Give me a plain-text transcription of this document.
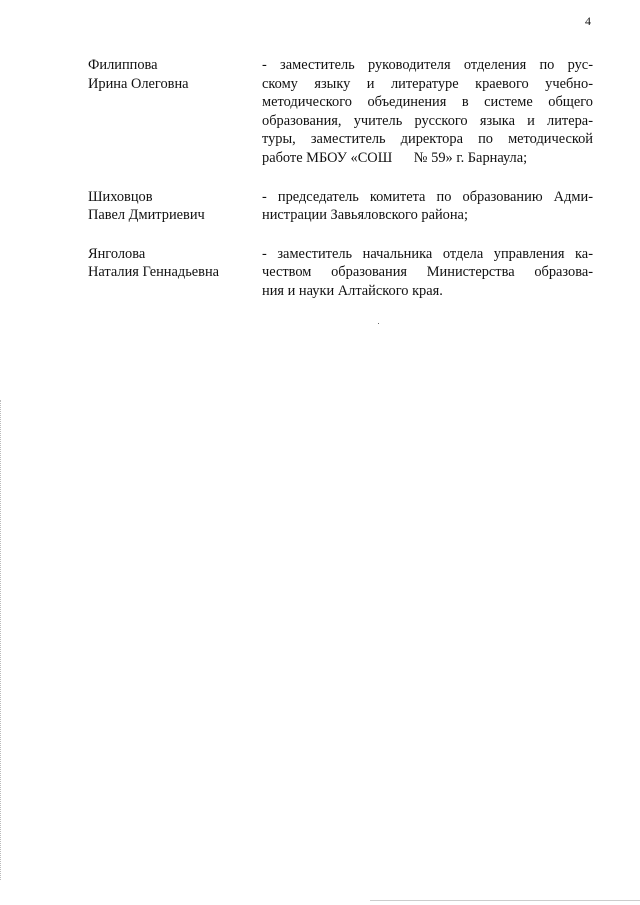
4
Филиппова
Ирина Олеговна
- заместитель руководителя отделения по рус-
скому языку и литературе краевого учебно-
методического объединения в системе общего
образования, учитель русского языка и литера-
туры, заместитель директора по методической
работе МБОУ «СОШ      № 59» г. Барнаула;
Шиховцов
Павел Дмитриевич
- председатель комитета по образованию Адми-
нистрации Завьяловского района;
Янголова
Наталия Геннадьевна
- заместитель начальника отдела управления ка-
чеством образования Министерства образова-
ния и науки Алтайского края.
